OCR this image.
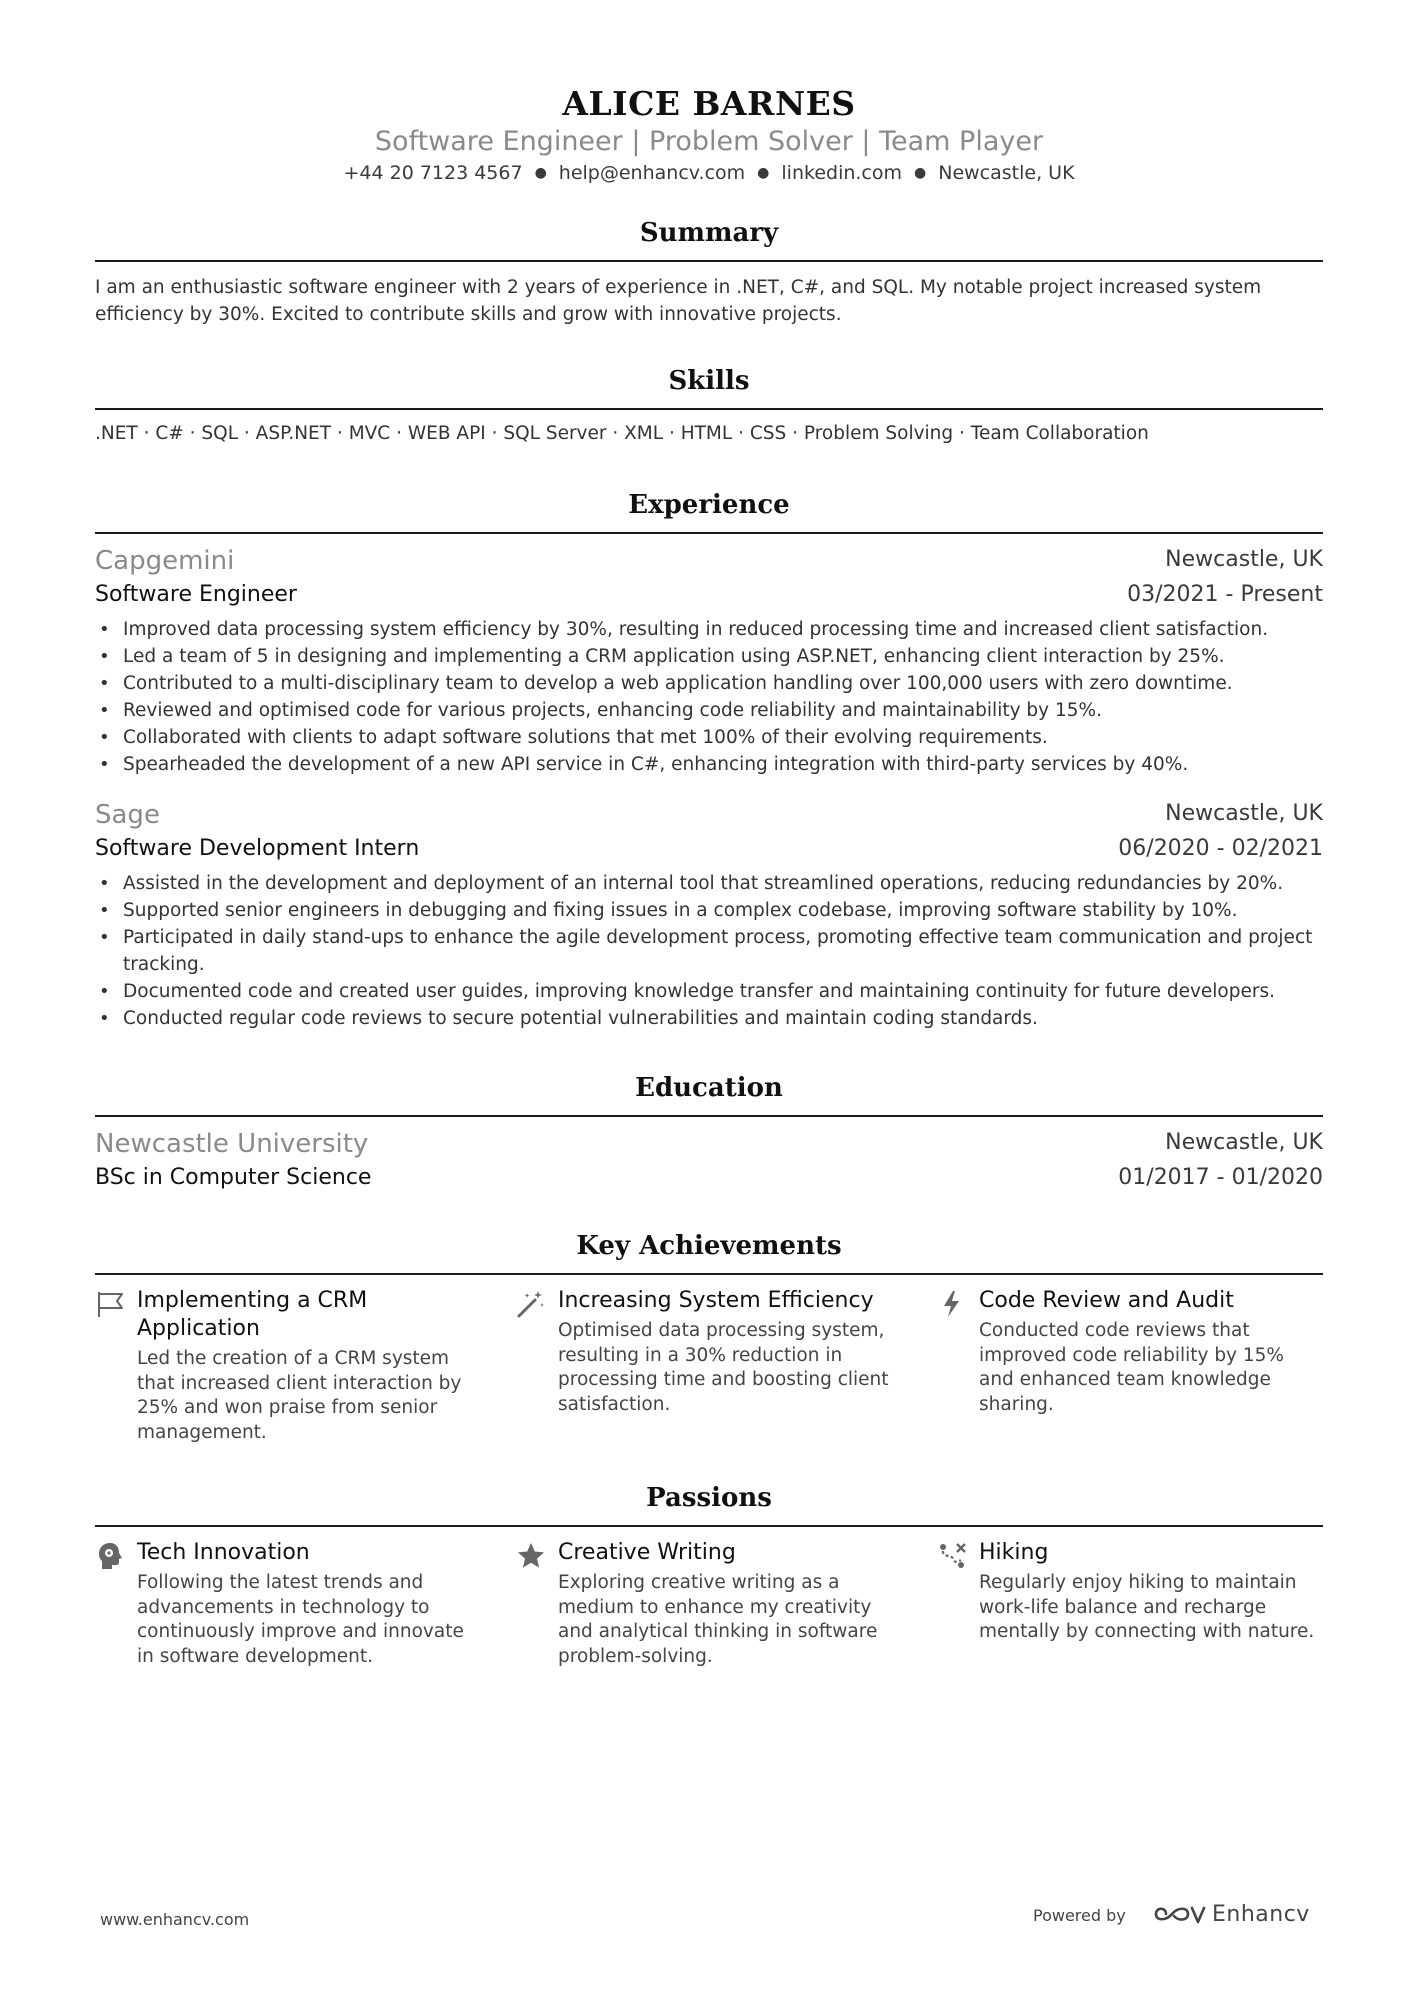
ALICE BARNES
Software Engineer | Problem Solver | Team Player
+44 20 7123 4567 ● help@enhancv.com ● linkedin.com ● Newcastle, UK
Summary
I am an enthusiastic software engineer with 2 years of experience in .NET, C#, and SQL. My notable project increased system efficiency by 30%. Excited to contribute skills and grow with innovative projects.
Skills
.NET · C# · SQL · ASP.NET · MVC · WEB API · SQL Server · XML · HTML · CSS · Problem Solving · Team Collaboration
Experience
Capgemini	Newcastle, UK
Software Engineer	03/2021 - Present
• Improved data processing system efficiency by 30%, resulting in reduced processing time and increased client satisfaction.
• Led a team of 5 in designing and implementing a CRM application using ASP.NET, enhancing client interaction by 25%.
• Contributed to a multi-disciplinary team to develop a web application handling over 100,000 users with zero downtime.
• Reviewed and optimised code for various projects, enhancing code reliability and maintainability by 15%.
• Collaborated with clients to adapt software solutions that met 100% of their evolving requirements.
• Spearheaded the development of a new API service in C#, enhancing integration with third-party services by 40%.
Sage	Newcastle, UK
Software Development Intern	06/2020 - 02/2021
• Assisted in the development and deployment of an internal tool that streamlined operations, reducing redundancies by 20%.
• Supported senior engineers in debugging and fixing issues in a complex codebase, improving software stability by 10%.
• Participated in daily stand-ups to enhance the agile development process, promoting effective team communication and project tracking.
• Documented code and created user guides, improving knowledge transfer and maintaining continuity for future developers.
• Conducted regular code reviews to secure potential vulnerabilities and maintain coding standards.
Education
Newcastle University	Newcastle, UK
BSc in Computer Science	01/2017 - 01/2020
Key Achievements
Implementing a CRM Application
Led the creation of a CRM system that increased client interaction by 25% and won praise from senior management.
Increasing System Efficiency
Optimised data processing system, resulting in a 30% reduction in processing time and boosting client satisfaction.
Code Review and Audit
Conducted code reviews that improved code reliability by 15% and enhanced team knowledge sharing.
Passions
Tech Innovation
Following the latest trends and advancements in technology to continuously improve and innovate in software development.
Creative Writing
Exploring creative writing as a medium to enhance my creativity and analytical thinking in software problem-solving.
Hiking
Regularly enjoy hiking to maintain work-life balance and recharge mentally by connecting with nature.
www.enhancv.com	Powered by	Enhancv
